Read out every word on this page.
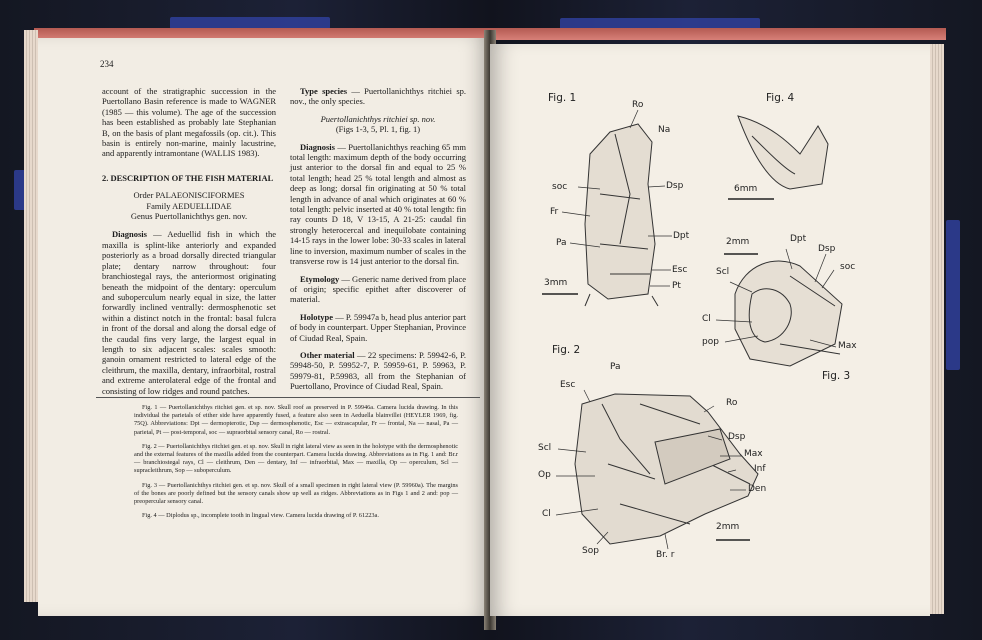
234

account of the stratigraphic succession in the Puertollano Basin reference is made to WAGNER (1985 — this volume). The age of the succession has been established as probably late Stephanian B, on the basis of plant megafossils (op. cit.). This basin is entirely non-marine, mainly lacustrine, and apparently intramontane (WALLIS 1983).

2. DESCRIPTION OF THE FISH MATERIAL

Order PALAEONISCIFORMES

Family AEDUELLIDAE

Genus Puertollanichthys gen. nov.

Diagnosis — Aeduellid fish in which the maxilla is splint-like anteriorly and expanded posteriorly as a broad dorsally directed triangular plate; dentary narrow throughout: four branchiostegal rays, the anteriormost originating beneath the midpoint of the dentary: operculum and suboperculum nearly equal in size, the latter forwardly inclined ventrally: dermosphenotic set within a distinct notch in the frontal: basal fulcra in front of the dorsal and along the dorsal edge of the caudal fins very large, the largest equal in length to six adjacent scales: scales smooth: ganoin ornament restricted to lateral edge of the cleithrum, the maxilla, dentary, infraorbital, rostral and extreme anterolateral edge of the frontal and consisting of low ridges and round patches.

Type species — Puertollanichthys ritchiei sp. nov., the only species.

Puertollanichthys ritchiei sp. nov.

(Figs 1-3, 5, Pl. 1, fig. 1)

Diagnosis — Puertollanichthys reaching 65 mm total length: maximum depth of the body occurring just anterior to the dorsal fin and equal to 25 % total length; head 25 % total length and almost as deep as long; dorsal fin originating at 50 % total length in advance of anal which originates at 60 % total length: pelvic inserted at 40 % total length: fin ray counts D 18, V 13-15, A 21-25: caudal fin strongly heterocercal and inequilobate containing 14-15 rays in the lower lobe: 30-33 scales in lateral line to inversion, maximum number of scales in the transverse row is 14 just anterior to the dorsal fin.

Etymology — Generic name derived from place of origin; specific epithet after discoverer of material.

Holotype — P. 59947a b, head plus anterior part of body in counterpart. Upper Stephanian, Province of Ciudad Real, Spain.

Other material — 22 specimens: P. 59942-6, P. 59948-50, P. 59952-7, P. 59959-61, P. 59963, P. 59979-81, P.59983, all from the Stephanian of Puertollano, Province of Ciudad Real, Spain.

Fig. 1 — Puertollanichthys ritchiei gen. et sp. nov. Skull roof as preserved in P. 59946a. Camera lucida drawing. In this individual the parietals of either side have apparently fused, a feature also seen in Aeduella blainvillei (HEYLER 1969, fig. 75Q). Abbreviations: Dpt — dermopterotic, Dsp — dermosphenotic, Esc — extrascapular, Fr — frontal, Na — nasal, Pa — parietal, Pt — post-temporal, soc — supraorbital sensory canal, Ro — rostral.

Fig. 2 — Puertollanichthys ritchiei gen. et sp. nov. Skull in right lateral view as seen in the holotype with the dermosphenotic and the external features of the maxilla added from the counterpart. Camera lucida drawing. Abbreviations as in Fig. 1 and: Br.r — branchiostegal rays, Cl — cleithrum, Den — dentary, Inf — infraorbital, Max — maxilla, Op — operculum, Scl — supracleithrum, Sop — suboperculum.

Fig. 3 — Puertollanichthys ritchiei gen. et sp. nov. Skull of a small specimen in right lateral view (P. 59960a). The margins of the bones are poorly defined but the sensory canals show up well as ridges. Abbreviations as in Figs 1 and 2 and: pop — preopercular sensory canal.

Fig. 4 — Diplodus sp., incomplete tooth in lingual view. Camera lucida drawing of P. 61223a.

Fig. 1
Ro
Na
soc	Dsp
Fr
Pa
Dpt
Esc
Pt
3mm
Fig. 4
6mm
2mm	Dpt
Dsp
soc
Scl
Cl
pop	Max
Fig. 3
Fig. 2
Pa
Esc
Ro
Dsp
Scl
Max
Inf
Op
Den
Cl
2mm
Sop	Br. r
